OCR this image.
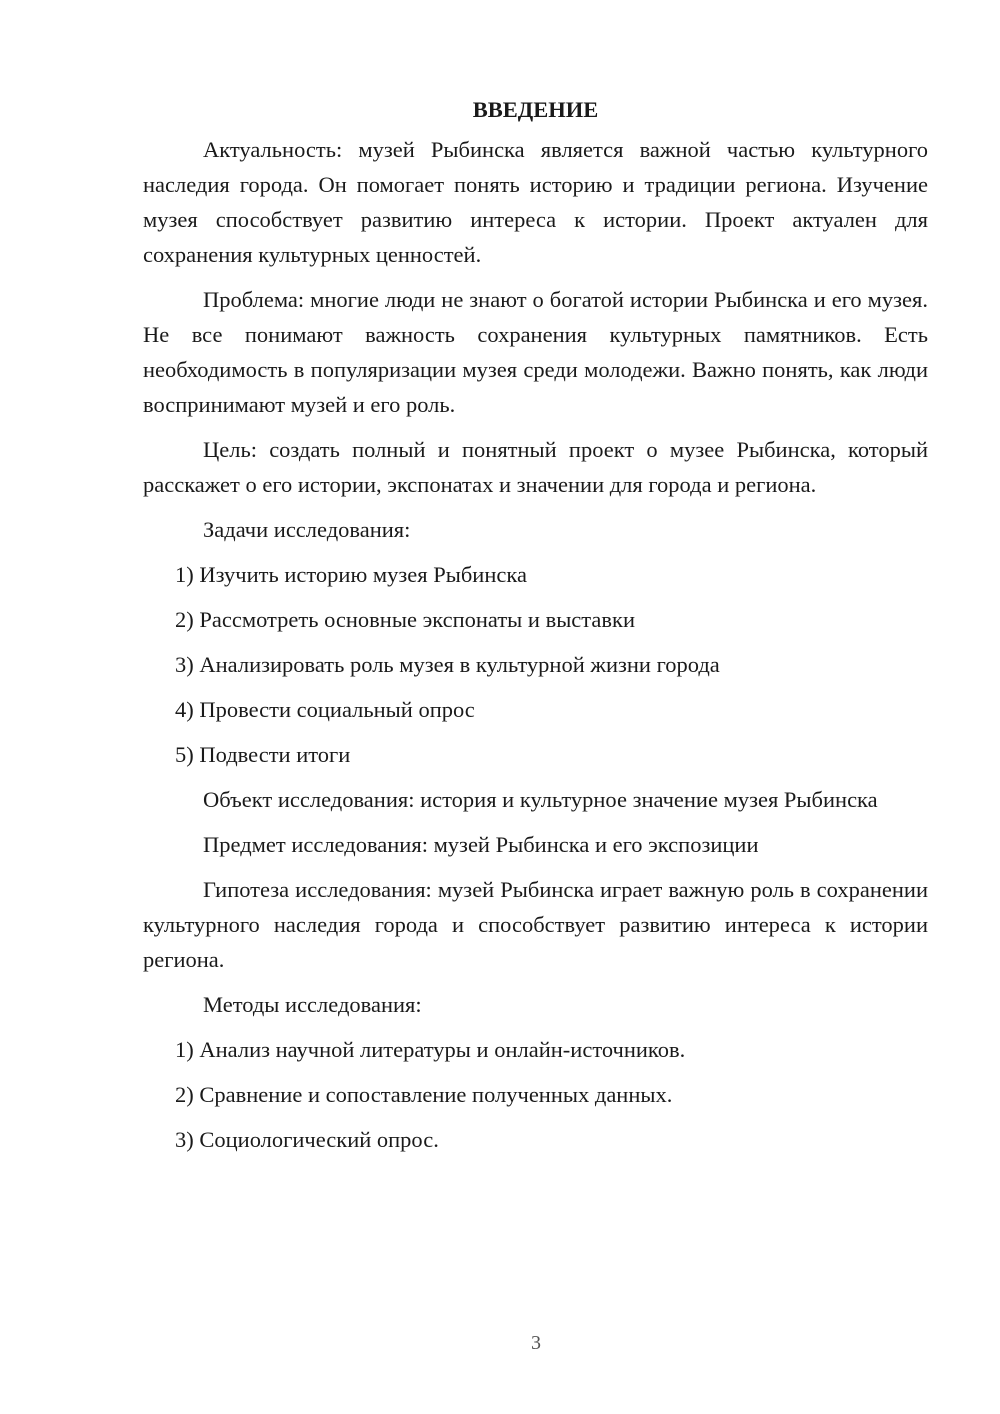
ВВЕДЕНИЕ

Актуальность: музей Рыбинска является важной частью культурного наследия города. Он помогает понять историю и традиции региона. Изучение музея способствует развитию интереса к истории. Проект актуален для сохранения культурных ценностей.

Проблема: многие люди не знают о богатой истории Рыбинска и его музея. Не все понимают важность сохранения культурных памятников. Есть необходимость в популяризации музея среди молодежи. Важно понять, как люди воспринимают музей и его роль.

Цель: создать полный и понятный проект о музее Рыбинска, который расскажет о его истории, экспонатах и значении для города и региона.

Задачи исследования:

1) Изучить историю музея Рыбинска
2) Рассмотреть основные экспонаты и выставки
3) Анализировать роль музея в культурной жизни города
4) Провести социальный опрос
5) Подвести итоги

Объект исследования: история и культурное значение музея Рыбинска

Предмет исследования: музей Рыбинска и его экспозиции

Гипотеза исследования: музей Рыбинска играет важную роль в сохранении культурного наследия города и способствует развитию интереса к истории региона.

Методы исследования:

1) Анализ научной литературы и онлайн-источников.
2) Сравнение и сопоставление полученных данных.
3) Социологический опрос.
3
